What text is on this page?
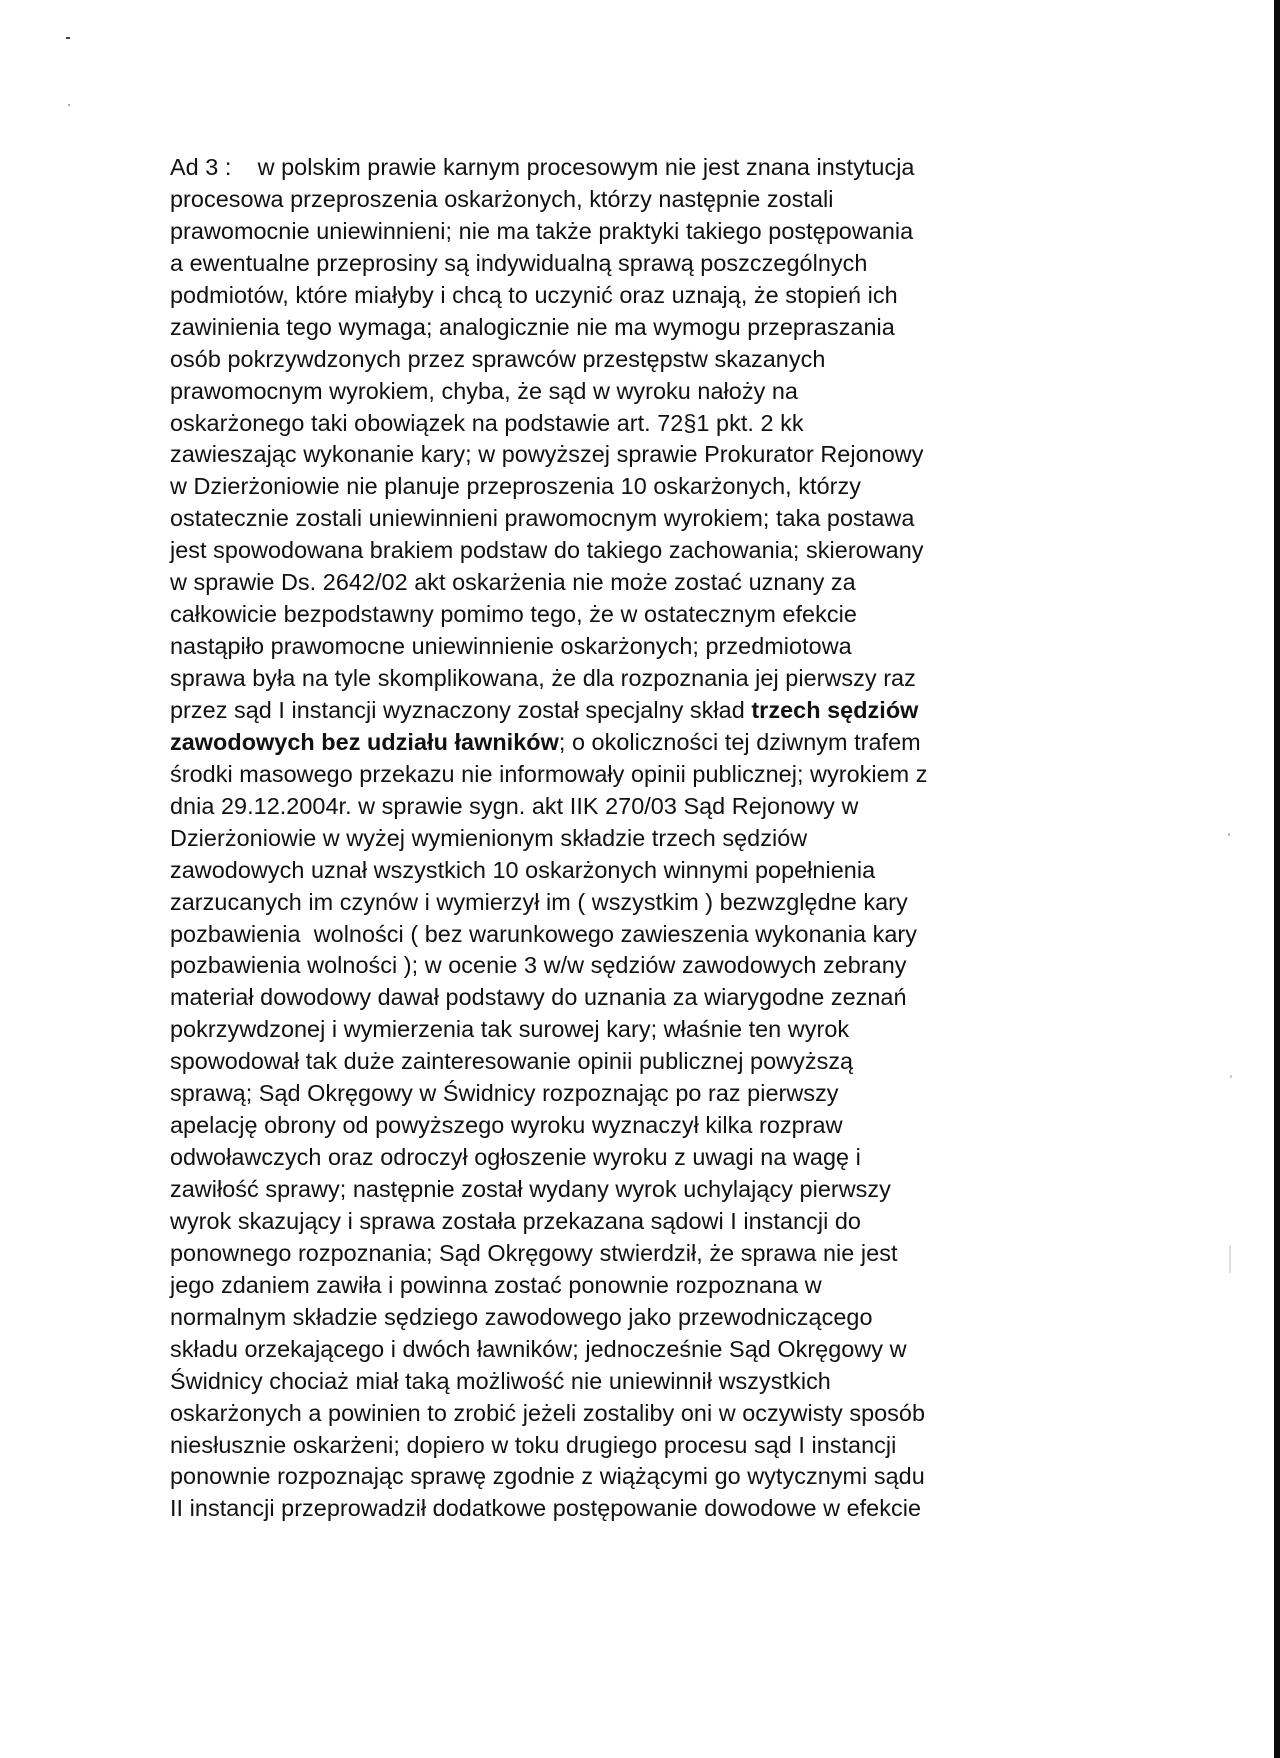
Ad 3 :    w polskim prawie karnym procesowym nie jest znana instytucja
procesowa przeproszenia oskarżonych, którzy następnie zostali
prawomocnie uniewinnieni; nie ma także praktyki takiego postępowania
a ewentualne przeprosiny są indywidualną sprawą poszczególnych
podmiotów, które miałyby i chcą to uczynić oraz uznają, że stopień ich
zawinienia tego wymaga; analogicznie nie ma wymogu przepraszania
osób pokrzywdzonych przez sprawców przestępstw skazanych
prawomocnym wyrokiem, chyba, że sąd w wyroku nałoży na
oskarżonego taki obowiązek na podstawie art. 72§1 pkt. 2 kk
zawieszając wykonanie kary; w powyższej sprawie Prokurator Rejonowy
w Dzierżoniowie nie planuje przeproszenia 10 oskarżonych, którzy
ostatecznie zostali uniewinnieni prawomocnym wyrokiem; taka postawa
jest spowodowana brakiem podstaw do takiego zachowania; skierowany
w sprawie Ds. 2642/02 akt oskarżenia nie może zostać uznany za
całkowicie bezpodstawny pomimo tego, że w ostatecznym efekcie
nastąpiło prawomocne uniewinnienie oskarżonych; przedmiotowa
sprawa była na tyle skomplikowana, że dla rozpoznania jej pierwszy raz
przez sąd I instancji wyznaczony został specjalny skład trzech sędziów
zawodowych bez udziału ławników; o okoliczności tej dziwnym trafem
środki masowego przekazu nie informowały opinii publicznej; wyrokiem z
dnia 29.12.2004r. w sprawie sygn. akt IIK 270/03 Sąd Rejonowy w
Dzierżoniowie w wyżej wymienionym składzie trzech sędziów
zawodowych uznał wszystkich 10 oskarżonych winnymi popełnienia
zarzucanych im czynów i wymierzył im ( wszystkim ) bezwzględne kary
pozbawienia  wolności ( bez warunkowego zawieszenia wykonania kary
pozbawienia wolności ); w ocenie 3 w/w sędziów zawodowych zebrany
materiał dowodowy dawał podstawy do uznania za wiarygodne zeznań
pokrzywdzonej i wymierzenia tak surowej kary; właśnie ten wyrok
spowodował tak duże zainteresowanie opinii publicznej powyższą
sprawą; Sąd Okręgowy w Świdnicy rozpoznając po raz pierwszy
apelację obrony od powyższego wyroku wyznaczył kilka rozpraw
odwoławczych oraz odroczył ogłoszenie wyroku z uwagi na wagę i
zawiłość sprawy; następnie został wydany wyrok uchylający pierwszy
wyrok skazujący i sprawa została przekazana sądowi I instancji do
ponownego rozpoznania; Sąd Okręgowy stwierdził, że sprawa nie jest
jego zdaniem zawiła i powinna zostać ponownie rozpoznana w
normalnym składzie sędziego zawodowego jako przewodniczącego
składu orzekającego i dwóch ławników; jednocześnie Sąd Okręgowy w
Świdnicy chociaż miał taką możliwość nie uniewinnił wszystkich
oskarżonych a powinien to zrobić jeżeli zostaliby oni w oczywisty sposób
niesłusznie oskarżeni; dopiero w toku drugiego procesu sąd I instancji
ponownie rozpoznając sprawę zgodnie z wiążącymi go wytycznymi sądu
II instancji przeprowadził dodatkowe postępowanie dowodowe w efekcie
